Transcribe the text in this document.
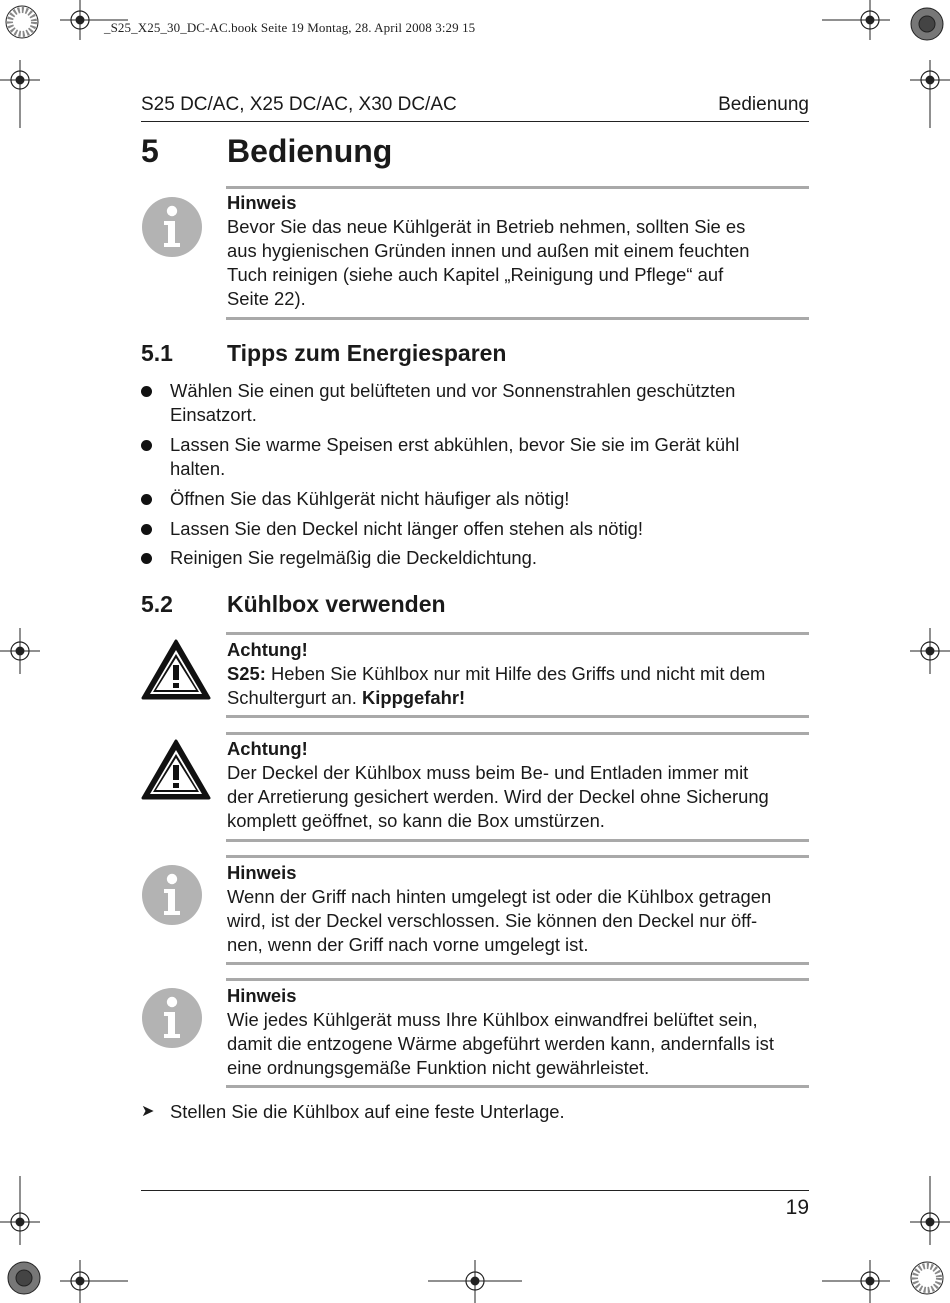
_S25_X25_30_DC-AC.book Seite 19 Montag, 28. April 2008 3:29 15
S25 DC/AC, X25 DC/AC, X30 DC/AC	Bedienung
5 Bedienung
Hinweis
Bevor Sie das neue Kühlgerät in Betrieb nehmen, sollten Sie es
aus hygienischen Gründen innen und außen mit einem feuchten
Tuch reinigen (siehe auch Kapitel „Reinigung und Pflege“ auf
Seite 22).
5.1 Tipps zum Energiesparen
Wählen Sie einen gut belüfteten und vor Sonnenstrahlen geschützten
Einsatzort.
Lassen Sie warme Speisen erst abkühlen, bevor Sie sie im Gerät kühl
halten.
Öffnen Sie das Kühlgerät nicht häufiger als nötig!
Lassen Sie den Deckel nicht länger offen stehen als nötig!
Reinigen Sie regelmäßig die Deckeldichtung.
5.2 Kühlbox verwenden
Achtung!
S25: Heben Sie Kühlbox nur mit Hilfe des Griffs und nicht mit dem
Schultergurt an. Kippgefahr!
Achtung!
Der Deckel der Kühlbox muss beim Be- und Entladen immer mit
der Arretierung gesichert werden. Wird der Deckel ohne Sicherung
komplett geöffnet, so kann die Box umstürzen.
Hinweis
Wenn der Griff nach hinten umgelegt ist oder die Kühlbox getragen
wird, ist der Deckel verschlossen. Sie können den Deckel nur öff-
nen, wenn der Griff nach vorne umgelegt ist.
Hinweis
Wie jedes Kühlgerät muss Ihre Kühlbox einwandfrei belüftet sein,
damit die entzogene Wärme abgeführt werden kann, andernfalls ist
eine ordnungsgemäße Funktion nicht gewährleistet.
➤ Stellen Sie die Kühlbox auf eine feste Unterlage.
19
